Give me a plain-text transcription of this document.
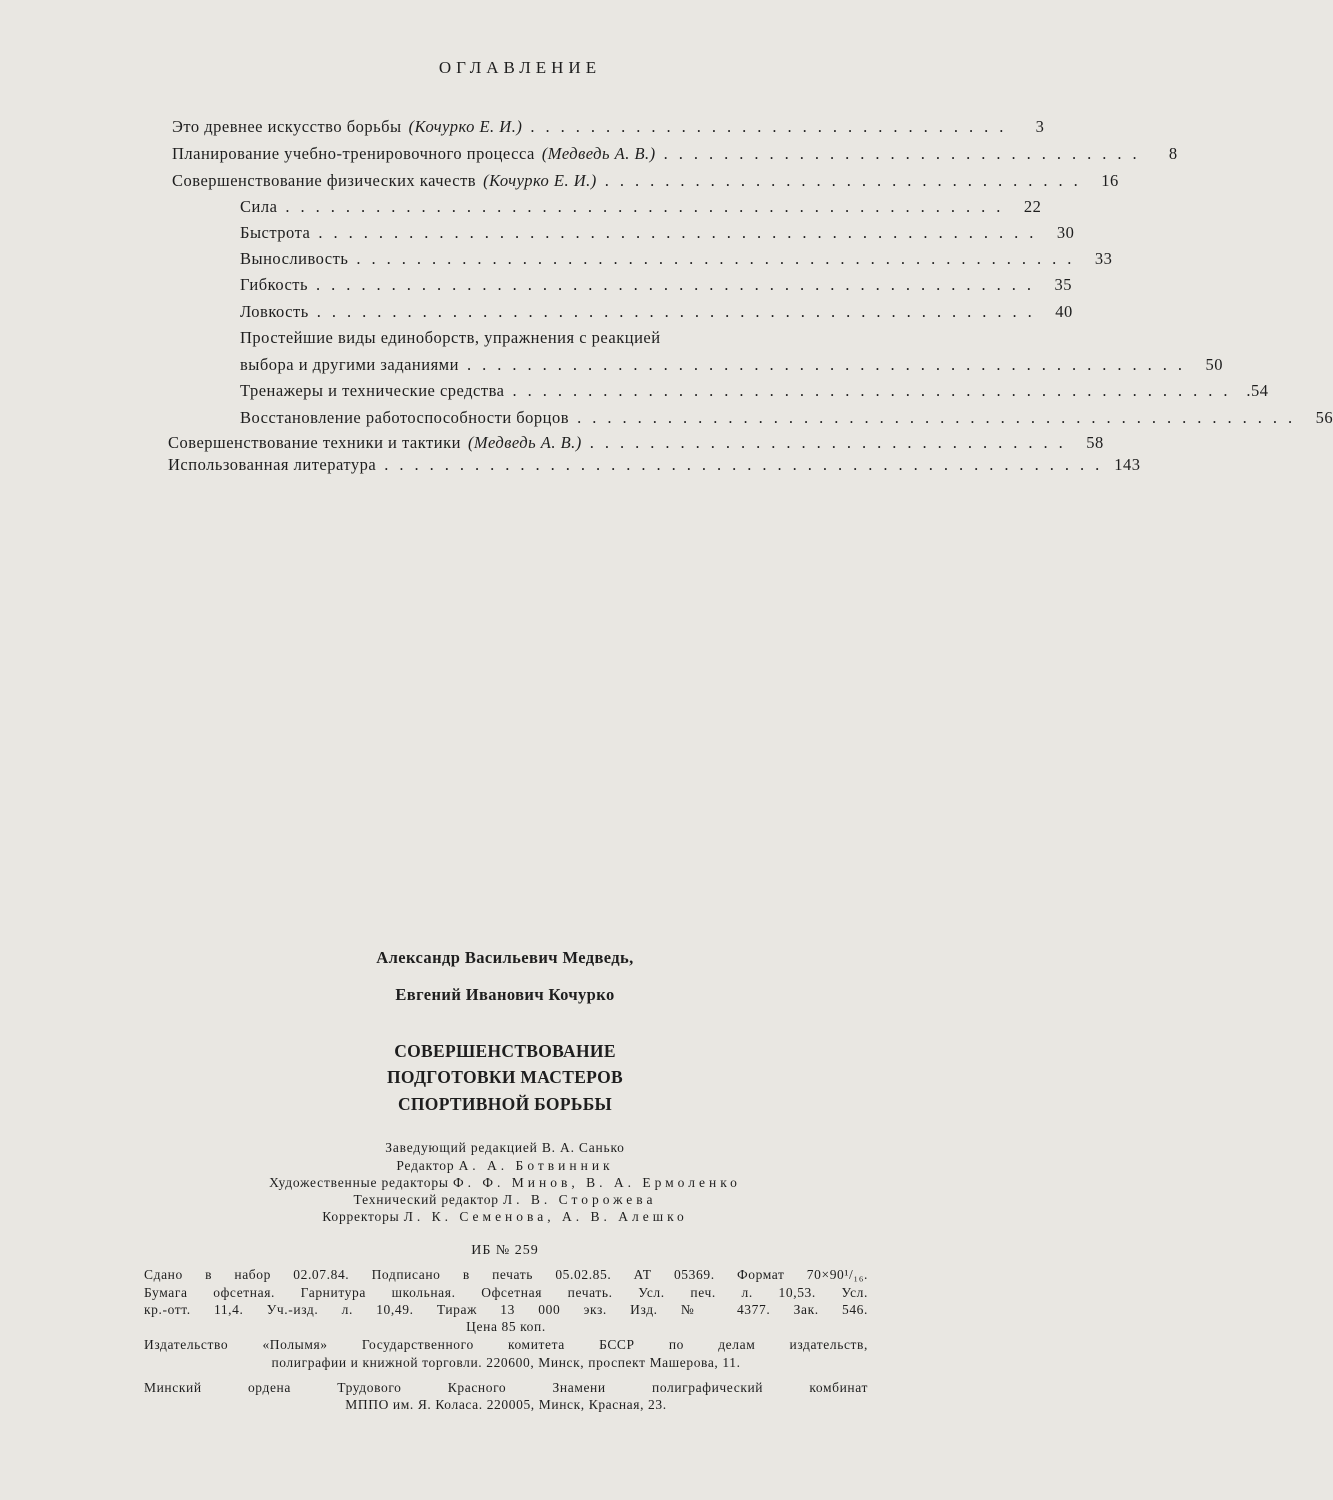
ОГЛАВЛЕНИЕ
Это древнее искусство борьбы (Кочурко Е. И.) ................................	3
Планирование учебно-тренировочного процесса (Медведь А. В.) ................................	8
Совершенствование физических качеств (Кочурко Е. И.) ................................ 16
Сила ................................................ 22
Быстрота ................................................ 30
Выносливость ................................................ 33
Гибкость ................................................ 35
Ловкость ................................................ 40
Простейшие виды единоборств, упражнения с реакцией
выбора и другими заданиями ................................................ 50
Тренажеры и технические средства ................................................ .54
Восстановление работоспособности борцов ................................................ 56
Совершенствование техники и тактики (Медведь А. В.) ................................ 58
Использованная литература ................................................ 143
Александр Васильевич Медведь,
Евгений Иванович Кочурко
СОВЕРШЕНСТВОВАНИЕ
ПОДГОТОВКИ МАСТЕРОВ
СПОРТИВНОЙ БОРЬБЫ
Заведующий редакцией В. А. Санько
Редактор А. А. Ботвинник
Художественные редакторы Ф. Ф. Минов, В. А. Ермоленко
Технический редактор Л. В. Сторожева
Корректоры Л. К. Семенова, А. В. Алешко
ИБ № 259
Сдано в набор 02.07.84. Подписано в печать 05.02.85. АТ 05369. Формат 70×90¹/₁₆.
Бумага офсетная. Гарнитура школьная. Офсетная печать. Усл. печ. л. 10,53. Усл.
кр.-отт. 11,4. Уч.-изд. л. 10,49. Тираж 13 000 экз. Изд. № 4377. Зак. 546.
Цена 85 коп.
Издательство «Полымя» Государственного комитета БССР по делам издательств,
полиграфии и книжной торговли. 220600, Минск, проспект Машерова, 11.
Минский ордена Трудового Красного Знамени полиграфический комбинат
МППО им. Я. Коласа. 220005, Минск, Красная, 23.
